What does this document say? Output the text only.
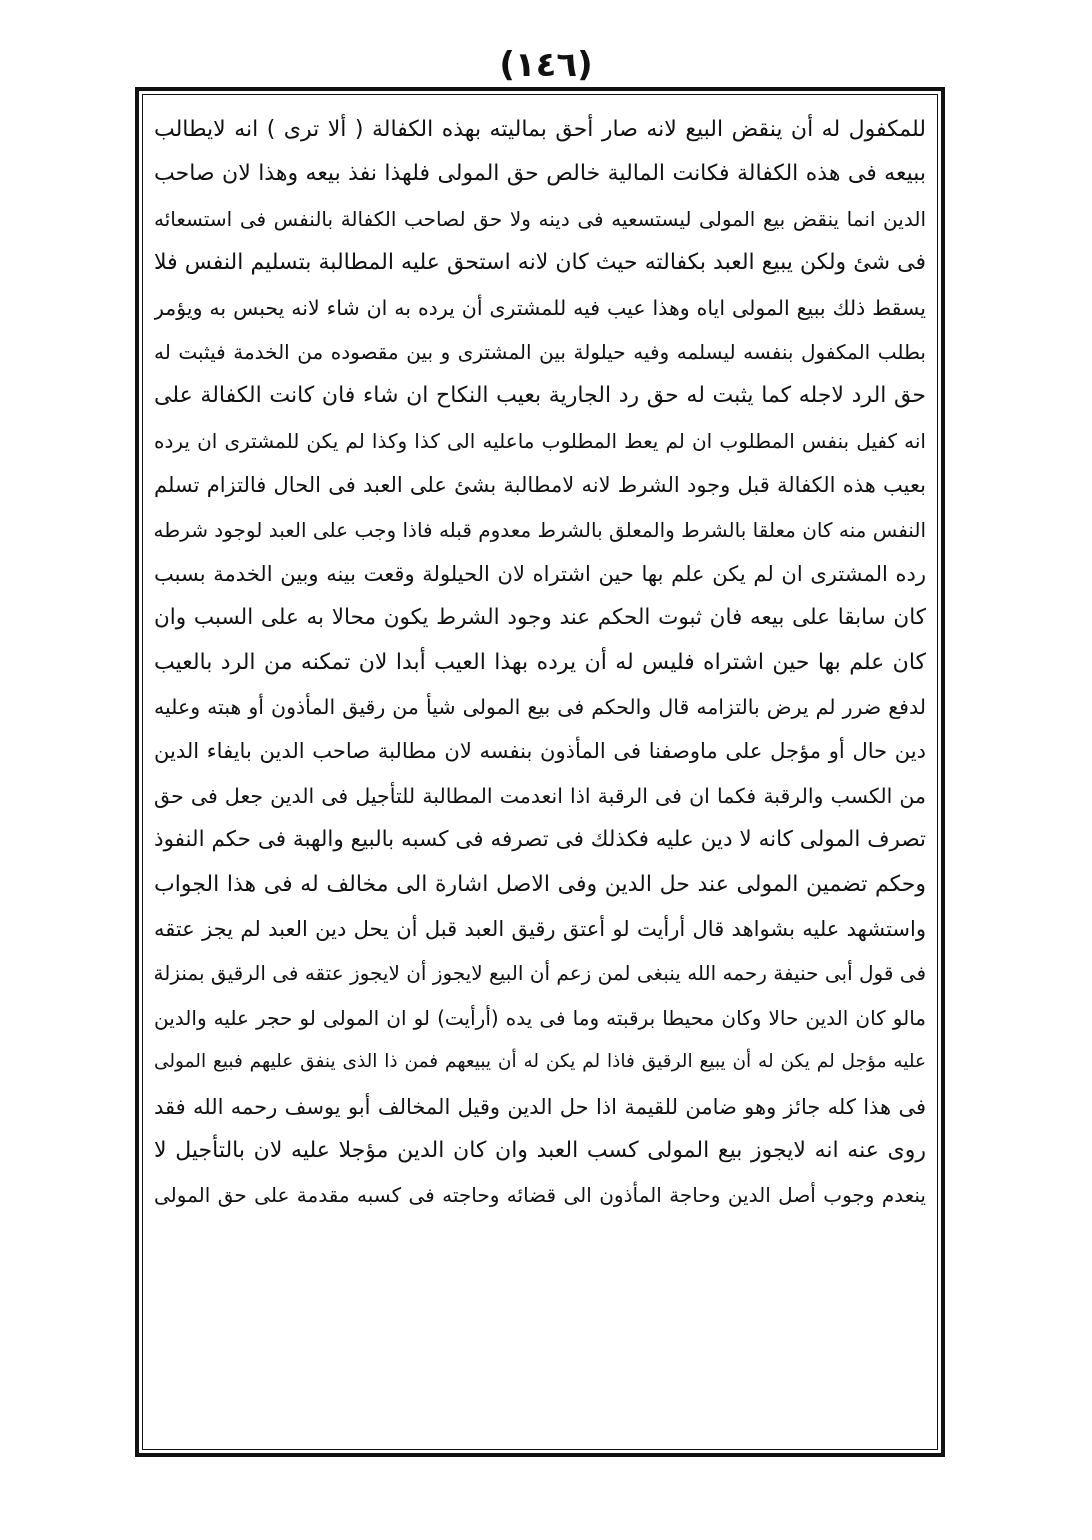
(١٤٦)
للمكفول له أن ينقض البيع لانه صار أحق بماليته بهذه الكفالة ( ألا ترى ) انه لايطالب
ببيعه فى هذه الكفالة فكانت المالية خالص حق المولى فلهذا نفذ بيعه وهذا لان صاحب
الدين انما ينقض بيع المولى ليستسعيه فى دينه ولا حق لصاحب الكفالة بالنفس فى استسعائه
فى شئ ولكن يبيع العبد بكفالته حيث كان لانه استحق عليه المطالبة بتسليم النفس فلا
يسقط ذلك ببيع المولى اياه وهذا عيب فيه للمشترى أن يرده به ان شاء لانه يحبس به ويؤمر
بطلب المكفول بنفسه ليسلمه وفيه حيلولة بين المشترى و بين مقصوده من الخدمة فيثبت له
حق الرد لاجله كما يثبت له حق رد الجارية بعيب النكاح ان شاء فان كانت الكفالة على
انه كفيل بنفس المطلوب ان لم يعط المطلوب ماعليه الى كذا وكذا لم يكن للمشترى ان يرده
بعيب هذه الكفالة قبل وجود الشرط لانه لامطالبة بشئ على العبد فى الحال فالتزام تسلم
النفس منه كان معلقا بالشرط والمعلق بالشرط معدوم قبله فاذا وجب على العبد لوجود شرطه
رده المشترى ان لم يكن علم بها حين اشتراه لان الحيلولة وقعت بينه وبين الخدمة بسبب
كان سابقا على بيعه فان ثبوت الحكم عند وجود الشرط يكون محالا به على السبب وان
كان علم بها حين اشتراه فليس له أن يرده بهذا العيب أبدا لان تمكنه من الرد بالعيب
لدفع ضرر لم يرض بالتزامه قال والحكم فى بيع المولى شيأ من رقيق المأذون أو هبته وعليه
دين حال أو مؤجل على ماوصفنا فى المأذون بنفسه لان مطالبة صاحب الدين بايفاء الدين
من الكسب والرقبة فكما ان فى الرقبة اذا انعدمت المطالبة للتأجيل فى الدين جعل فى حق
تصرف المولى كانه لا دين عليه فكذلك فى تصرفه فى كسبه بالبيع والهبة فى حكم النفوذ
وحكم تضمين المولى عند حل الدين وفى الاصل اشارة الى مخالف له فى هذا الجواب
واستشهد عليه بشواهد قال أرأيت لو أعتق رقيق العبد قبل أن يحل دين العبد لم يجز عتقه
فى قول أبى حنيفة رحمه الله ينبغى لمن زعم أن البيع لايجوز أن لايجوز عتقه فى الرقيق بمنزلة
مالو كان الدين حالا وكان محيطا برقبته وما فى يده (أرأيت) لو ان المولى لو حجر عليه والدين
عليه مؤجل لم يكن له أن يبيع الرقيق فاذا لم يكن له أن يبيعهم فمن ذا الذى ينفق عليهم فبيع المولى
فى هذا كله جائز وهو ضامن للقيمة اذا حل الدين وقيل المخالف أبو يوسف رحمه الله فقد
روى عنه انه لايجوز بيع المولى كسب العبد وان كان الدين مؤجلا عليه لان بالتأجيل لا
ينعدم وجوب أصل الدين وحاجة المأذون الى قضائه وحاجته فى كسبه مقدمة على حق المولى
